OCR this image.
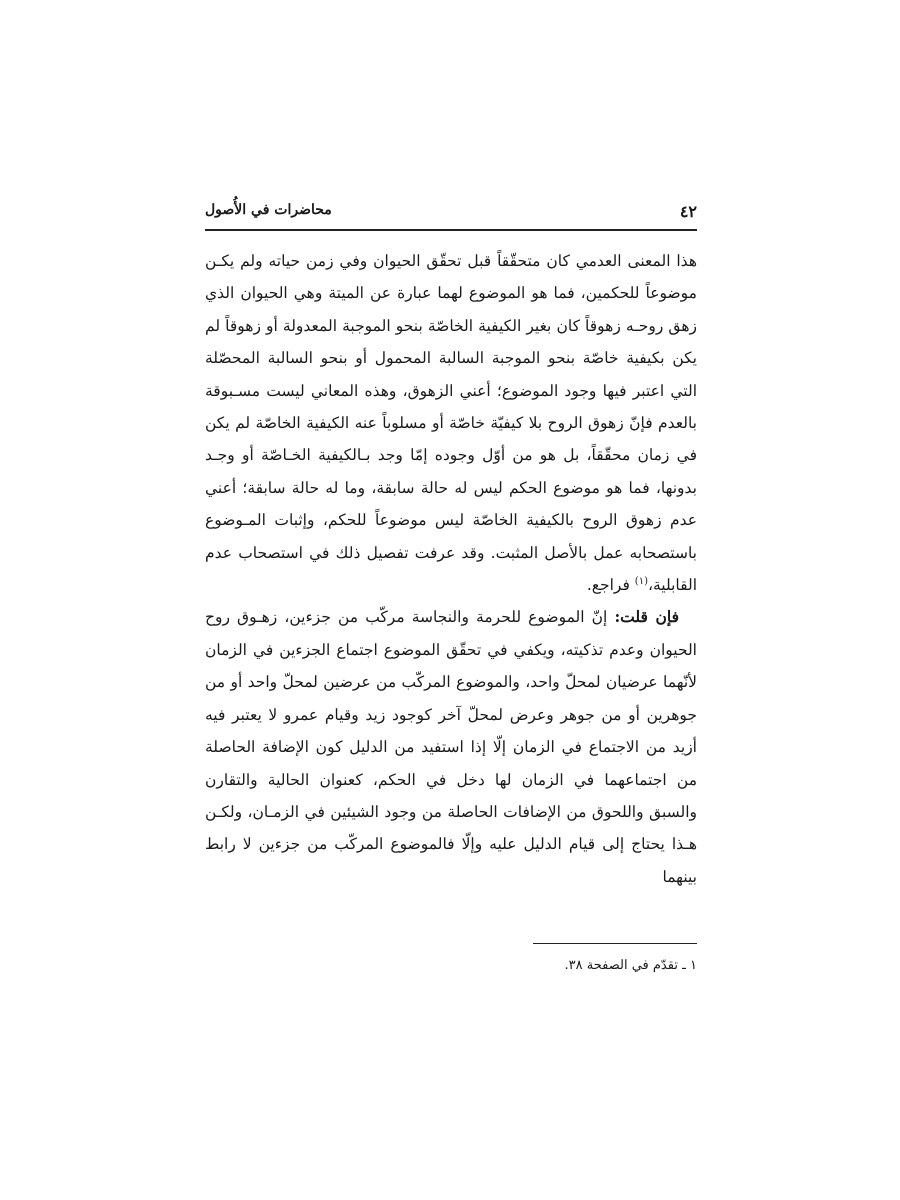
٤٢
محاضرات في الأُصول

هذا المعنى العدمي كان متحقّقاً قبل تحقّق الحيوان وفي زمن حياته ولم يكـن موضوعاً للحكمين، فما هو الموضوع لهما عبارة عن الميتة وهي الحيوان الذي زهق روحـه زهوقاً كان بغير الكيفية الخاصّة بنحو الموجبة المعدولة أو زهوقاً لم يكن بكيفية خاصّة بنحو الموجبة السالبة المحمول أو بنحو السالبة المحصّلة التي اعتبر فيها وجود الموضوع؛ أعني الزهوق، وهذه المعاني ليست مسـبوقة بالعدم فإنّ زهوق الروح بلا كيفيّة خاصّة أو مسلوباً عنه الكيفية الخاصّة لم يكن في زمان محقّقاً، بل هو من أوّل وجوده إمّا وجد بـالكيفية الخـاصّة أو وجـد بدونها، فما هو موضوع الحكم ليس له حالة سابقة، وما له حالة سابقة؛ أعني عدم زهوق الروح بالكيفية الخاصّة ليس موضوعاً للحكم، وإثبات المـوضوع باستصحابه عمل بالأصل المثبت. وقد عرفت تفصيل ذلك في استصحاب عدم القابلية،$^{(١)}$ فراجع.

فإن قلت: إنّ الموضوع للحرمة والنجاسة مركّب من جزءين، زهـوق روح الحيوان وعدم تذكيته، ويكفي في تحقّق الموضوع اجتماع الجزءين في الزمان لأنّهما عرضيان لمحلّ واحد، والموضوع المركّب من عرضين لمحلّ واحد أو من جوهرين أو من جوهر وعرض لمحلّ آخر كوجود زيد وقيام عمرو لا يعتبر فيه أزيد من الاجتماع في الزمان إلّا إذا استفيد من الدليل كون الإضافة الحاصلة من اجتماعهما في الزمان لها دخل في الحكم، كعنوان الحالية والتقارن والسبق واللحوق من الإضافات الحاصلة من وجود الشيئين في الزمـان، ولكـن هـذا يحتاج إلى قيام الدليل عليه وإلّا فالموضوع المركّب من جزءين لا رابط بينهما

١ ـ تقدّم في الصفحة ٣٨.
